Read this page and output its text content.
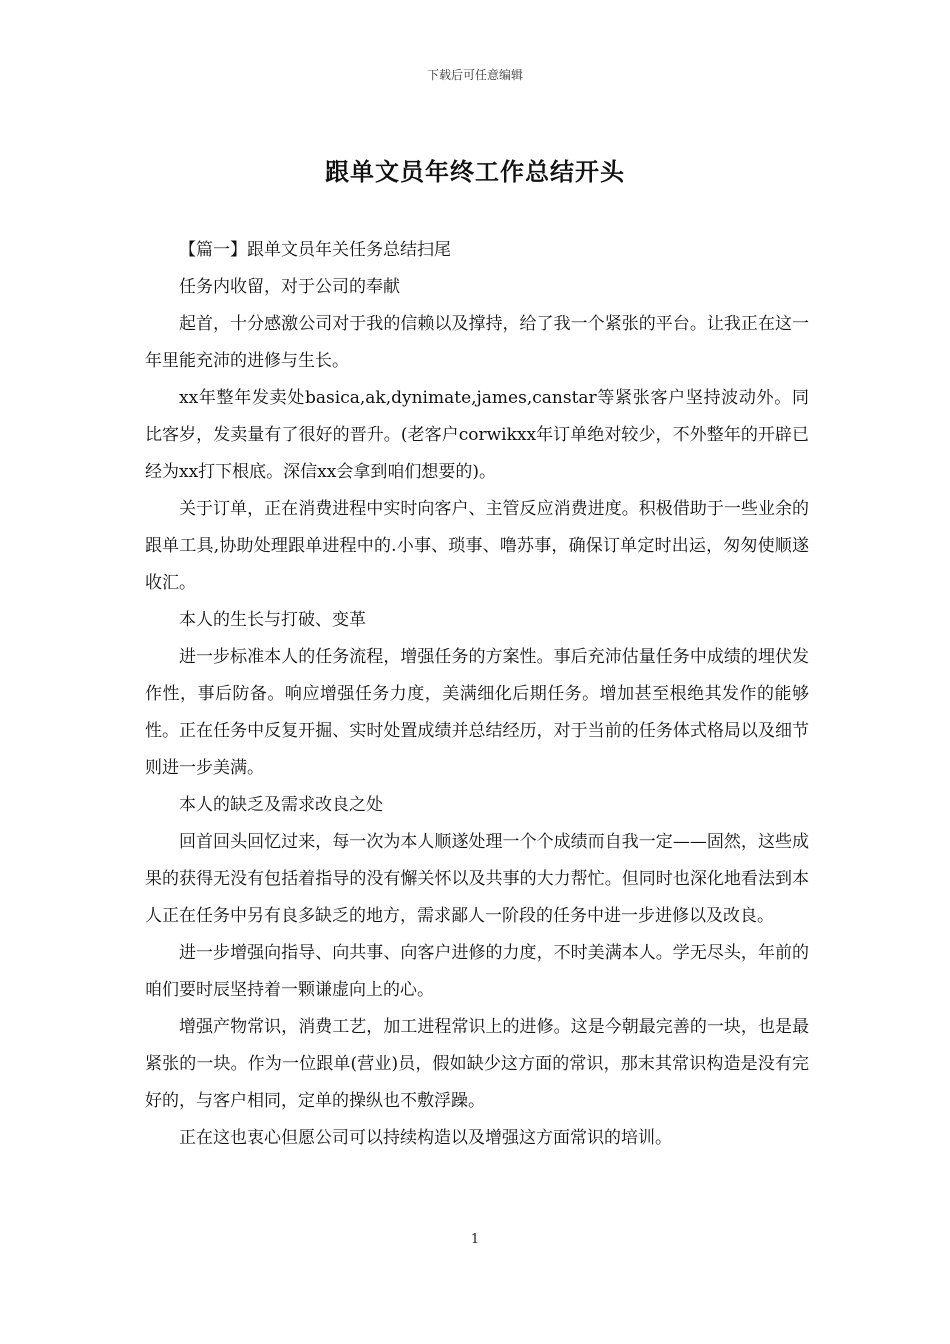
下载后可任意编辑
跟单文员年终工作总结开头

【篇一】跟单文员年关任务总结扫尾

任务内收留，对于公司的奉献

起首，十分感激公司对于我的信赖以及撑持，给了我一个紧张的平台。让我正在这一年里能充沛的进修与生长。

xx年整年发卖处basica,ak,dynimate,james,canstar等紧张客户坚持波动外。同比客岁，发卖量有了很好的晋升。(老客户corwikxx年订单绝对较少，不外整年的开辟已经为xx打下根底。深信xx会拿到咱们想要的)。

关于订单，正在消费进程中实时向客户、主管反应消费进度。积极借助于一些业余的跟单工具,协助处理跟单进程中的.小事、琐事、噜苏事，确保订单定时出运，匆匆使顺遂收汇。

本人的生长与打破、变革

进一步标准本人的任务流程，增强任务的方案性。事后充沛估量任务中成绩的埋伏发作性，事后防备。响应增强任务力度，美满细化后期任务。增加甚至根绝其发作的能够性。正在任务中反复开掘、实时处置成绩并总结经历，对于当前的任务体式格局以及细节则进一步美满。

本人的缺乏及需求改良之处

回首回头回忆过来，每一次为本人顺遂处理一个个成绩而自我一定——固然，这些成果的获得无没有包括着指导的没有懈关怀以及共事的大力帮忙。但同时也深化地看法到本人正在任务中另有良多缺乏的地方，需求鄙人一阶段的任务中进一步进修以及改良。

进一步增强向指导、向共事、向客户进修的力度，不时美满本人。学无尽头，年前的咱们要时辰坚持着一颗谦虚向上的心。

增强产物常识，消费工艺，加工进程常识上的进修。这是今朝最完善的一块，也是最紧张的一块。作为一位跟单(营业)员，假如缺少这方面的常识，那末其常识构造是没有完好的，与客户相同，定单的操纵也不敷浮躁。

正在这也衷心但愿公司可以持续构造以及增强这方面常识的培训。

1
